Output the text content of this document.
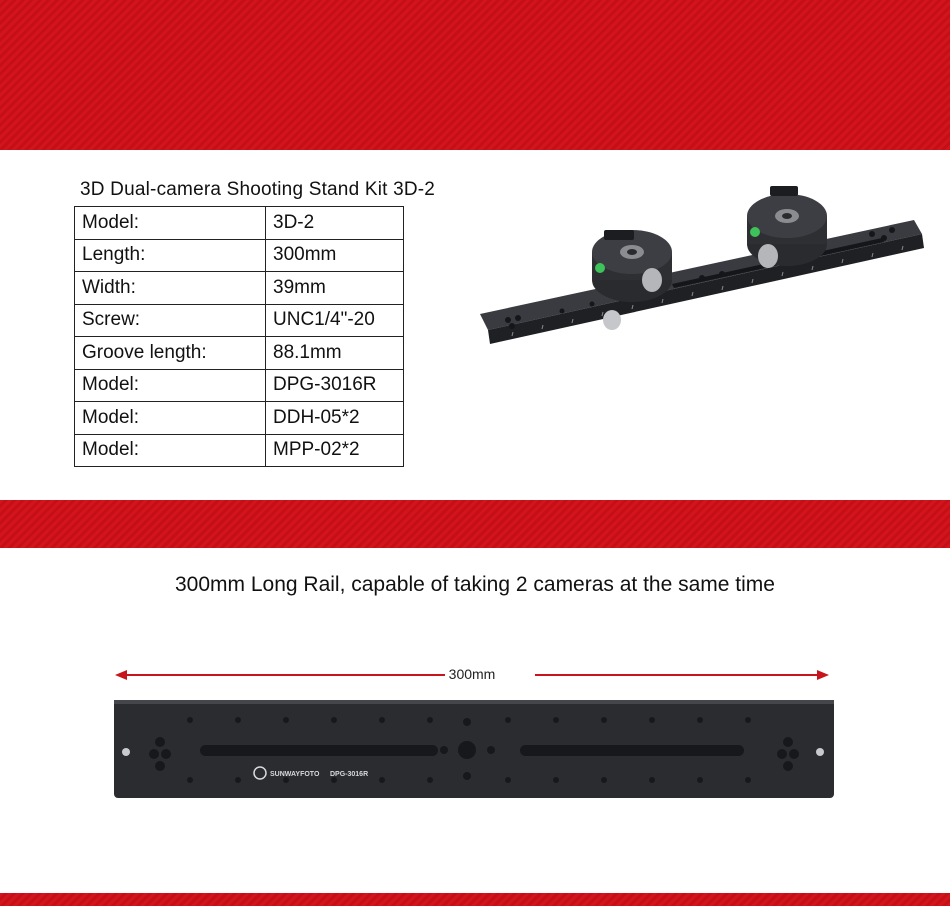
3D Dual-camera Shooting Stand Kit 3D-2
Model:	3D-2
Length:	300mm
Width:	39mm
Screw:	UNC1/4"-20
Groove length:	88.1mm
Model:	DPG-3016R
Model:	DDH-05*2
Model:	MPP-02*2
300mm Long Rail, capable of taking 2 cameras at the same time
300mm
SUNWAYFOTO DPG-3016R
